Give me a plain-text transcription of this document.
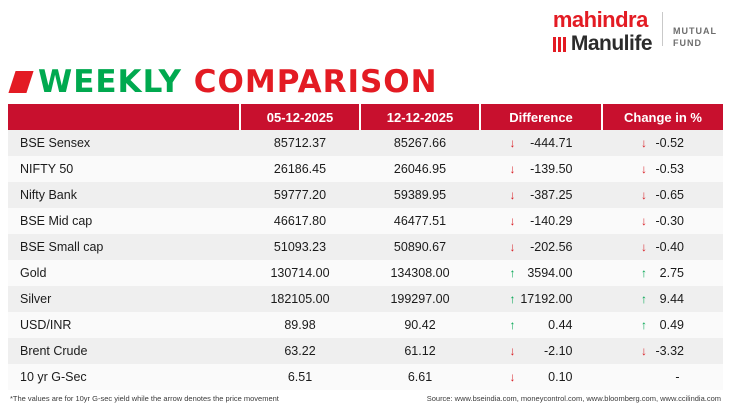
mahindra
Manulife
MUTUAL
FUND
WEEKLY COMPARISON
	05-12-2025	12-12-2025	Difference	Change in %
BSE Sensex	85712.37	85267.66	↓ -444.71	↓ -0.52
NIFTY 50	26186.45	26046.95	↓ -139.50	↓ -0.53
Nifty Bank	59777.20	59389.95	↓ -387.25	↓ -0.65
BSE Mid cap	46617.80	46477.51	↓ -140.29	↓ -0.30
BSE Small cap	51093.23	50890.67	↓ -202.56	↓ -0.40
Gold	130714.00	134308.00	↑ 3594.00	↑ 2.75
Silver	182105.00	199297.00	↑ 17192.00	↑ 9.44
USD/INR	89.98	90.42	↑ 0.44	↑ 0.49
Brent Crude	63.22	61.12	↓ -2.10	↓ -3.32
10 yr G-Sec	6.51	6.61	↓ 0.10	-
*The values are for 10yr G-sec yield while the arrow denotes the price movement	Source: www.bseindia.com, moneycontrol.com, www.bloomberg.com, www.ccilindia.com
